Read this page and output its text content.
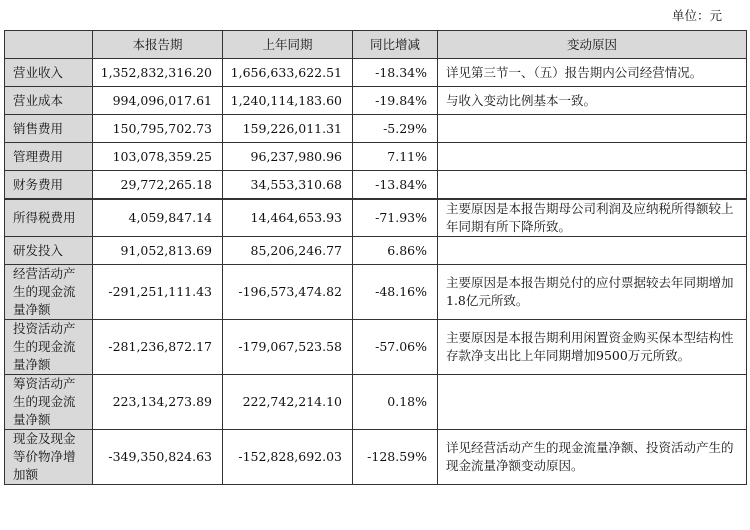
单位：元
	本报告期	上年同期	同比增减	变动原因
营业收入	1,352,832,316.20	1,656,633,622.51	-18.34%	详见第三节一、（五）报告期内公司经营情况。
营业成本	994,096,017.61	1,240,114,183.60	-19.84%	与收入变动比例基本一致。
销售费用	150,795,702.73	159,226,011.31	-5.29%	
管理费用	103,078,359.25	96,237,980.96	7.11%	
财务费用	29,772,265.18	34,553,310.68	-13.84%	
所得税费用	4,059,847.14	14,464,653.93	-71.93%	主要原因是本报告期母公司利润及应纳税所得额较上年同期有所下降所致。
研发投入	91,052,813.69	85,206,246.77	6.86%	
经营活动产生的现金流量净额	-291,251,111.43	-196,573,474.82	-48.16%	主要原因是本报告期兑付的应付票据较去年同期增加1.8亿元所致。
投资活动产生的现金流量净额	-281,236,872.17	-179,067,523.58	-57.06%	主要原因是本报告期利用闲置资金购买保本型结构性存款净支出比上年同期增加9500万元所致。
筹资活动产生的现金流量净额	223,134,273.89	222,742,214.10	0.18%	
现金及现金等价物净增加额	-349,350,824.63	-152,828,692.03	-128.59%	详见经营活动产生的现金流量净额、投资活动产生的现金流量净额变动原因。
